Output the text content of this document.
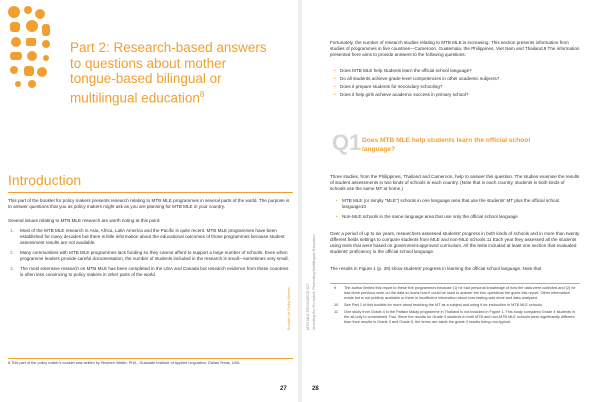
Part 2: Research-based answers to questions about mother tongue-based bilingual or multilingual education$^8$
Introduction
This part of the booklet for policy makers presents research relating to MTB MLE programmes in several parts of the world. The purpose is to answer questions that you as policy makers might ask as you are planning for MTB MLE in your country.
Several issues relating to MTB MLE research are worth noting at this point:
1.	Most of the MTB MLE research in Asia, Africa, Latin America and the Pacific is quite recent. MTB MLE programmes have been established for many decades but there is little information about the educational outcomes of those programmes because student assessment results are not available.
2.	Many communities with MTB MLE programmes lack funding so they cannot afford to support a large number of schools. Even when programme leaders provide careful documentation, the number of students included in the research is small—sometimes very small.
3.	The most extensive research on MTB MLE has been completed in the USA and Canada but research evidence from these countries is often less convincing to policy makers in other parts of the world.
8 This part of the policy maker's booklet was written by Stephen Walter, PhD., Graduate Institute of Applied Linguistics, Dallas Texas, USA
27
Booklet for Policy Makers	MTB MLE RESOURCE KIT Including the Excluded: Promoting Multilingual Education
Fortunately, the number of research studies relating to MTB MLE is increasing. This section presents information from studies of programmes in five countries—Cameroon, Guatemala, the Philippines, Viet Nam and Thailand.9 The information presented here aims to provide answers to the following questions:
• Does MTB MLE help students learn the official school language?
• Do all students achieve grade-level competencies in other academic subjects?
• Does it prepare students for secondary schooling?
• Does it help girls achieve academic success in primary school?
Q1 Does MTB MLE help students learn the official school language?
Three studies, from the Philippines, Thailand and Cameroon, help to answer this question. The studies examine the results of student assessments in two kinds of schools in each country. (Note that in each country, students in both kinds of schools use the same MT at home.)
• MTB MLE (or simply "MLE") schools in one language area that use the students' MT plus the official school language10
• Non-MLE schools in the same language area that use only the official school language
Over a period of up to six years, researchers assessed students' progress in both kinds of schools and in more than twenty different fields settings to compare students from MLE and non-MLE schools.11 Each year they assessed all the students using tests that were based on government-approved curriculum. All the tests included at least one section that evaluated students' proficiency in the official school language.
The results in Figure 1 (p. 29) show students' progress in learning the official school language. Note that
9	The author limited this report to these five programmes because (1) he had personal knowledge of how the data were collected and (2) he had done previous work on the data so knew how it could be used to answer the four questions the guide this report. Other information exists but is not publicly available or there is insufficient information about how testing was done and data analysed.
10	See Part 1 of this booklet for more about teaching the MT as a subject and using it for instruction in MTB MLE schools.
11	One study from Grade 4 in the Pattani Malay programme in Thailand is not included in Figure 1. This study compared Grade 4 students in the all-only to constrained Thai. Since the results for Grade 4 students in both MTB and non-MTB MLE schools were significantly different than their results in Grade 3 and Grade 5, the terms are aside the grade 4 results being non-typical.
28
